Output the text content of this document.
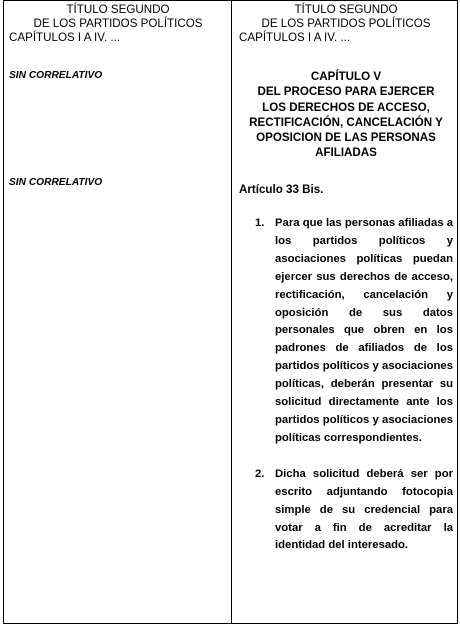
TÍTULO SEGUNDO
DE LOS PARTIDOS POLÍTICOS
CAPÍTULOS I A IV. ...
SIN CORRELATIVO
SIN CORRELATIVO
TÍTULO SEGUNDO
DE LOS PARTIDOS POLÍTICOS
CAPÍTULOS I A IV. ...
CAPÍTULO V
DEL PROCESO PARA EJERCER
LOS DERECHOS DE ACCESO,
RECTIFICACIÓN, CANCELACIÓN Y
OPOSICION DE LAS PERSONAS
AFILIADAS
Artículo 33 Bis.
1. Para que las personas afiliadas a los partidos políticos y asociaciones políticas puedan ejercer sus derechos de acceso, rectificación, cancelación y oposición de sus datos personales que obren en los padrones de afiliados de los partidos políticos y asociaciones políticas, deberán presentar su solicitud directamente ante los partidos políticos y asociaciones políticas correspondientes.
2. Dicha solicitud deberá ser por escrito adjuntando fotocopia simple de su credencial para votar a fin de acreditar la identidad del interesado.
